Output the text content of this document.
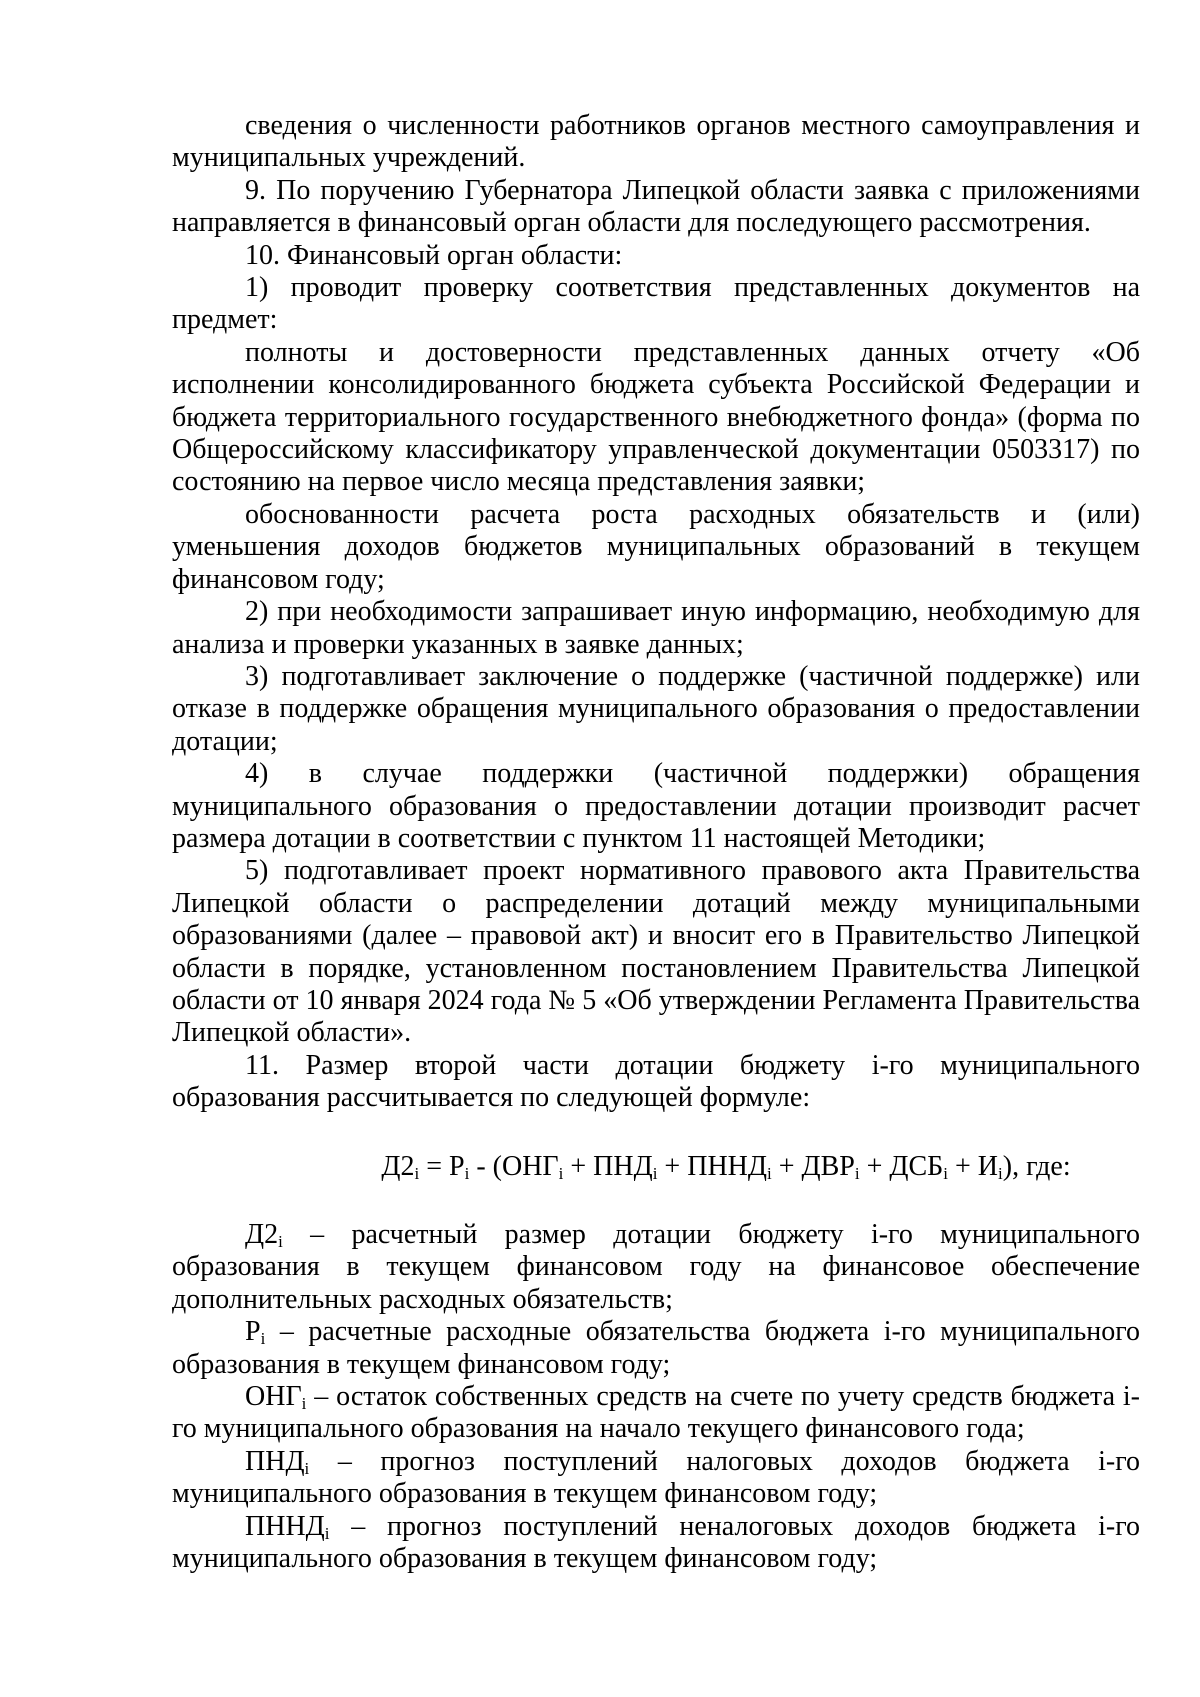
сведения о численности работников органов местного самоуправления и муниципальных учреждений.

9. По поручению Губернатора Липецкой области заявка с приложениями направляется в финансовый орган области для последующего рассмотрения.

10. Финансовый орган области:

1) проводит проверку соответствия представленных документов на предмет:

полноты и достоверности представленных данных отчету «Об исполнении консолидированного бюджета субъекта Российской Федерации и бюджета территориального государственного внебюджетного фонда» (форма по Общероссийскому классификатору управленческой документации 0503317) по состоянию на первое число месяца представления заявки;

обоснованности расчета роста расходных обязательств и (или) уменьшения доходов бюджетов муниципальных образований в текущем финансовом году;

2) при необходимости запрашивает иную информацию, необходимую для анализа и проверки указанных в заявке данных;

3) подготавливает заключение о поддержке (частичной поддержке) или отказе в поддержке обращения муниципального образования о предоставлении дотации;

4) в случае поддержки (частичной поддержки) обращения муниципального образования о предоставлении дотации производит расчет размера дотации в соответствии с пунктом 11 настоящей Методики;

5) подготавливает проект нормативного правового акта Правительства Липецкой области о распределении дотаций между муниципальными образованиями (далее – правовой акт) и вносит его в Правительство Липецкой области в порядке, установленном постановлением Правительства Липецкой области от 10 января 2024 года № 5 «Об утверждении Регламента Правительства Липецкой области».

11. Размер второй части дотации бюджету i-го муниципального образования рассчитывается по следующей формуле:

$Д2_i = Р_i - (ОНГ_i + ПНД_i$ + $ПННД_i + ДВР_i + ДСБ_i + И_i$), где:

$Д2_i$ – расчетный размер дотации бюджету i-го муниципального образования в текущем финансовом году на финансовое обеспечение дополнительных расходных обязательств;

$Р_i$ – расчетные расходные обязательства бюджета i-го муниципального образования в текущем финансовом году;

$ОНГ_i$ – остаток собственных средств на счете по учету средств бюджета i-го муниципального образования на начало текущего финансового года;

$ПНД_i$ – прогноз поступлений налоговых доходов бюджета i-го муниципального образования в текущем финансовом году;

$ПННД_i$ – прогноз поступлений неналоговых доходов бюджета i-го муниципального образования в текущем финансовом году;
